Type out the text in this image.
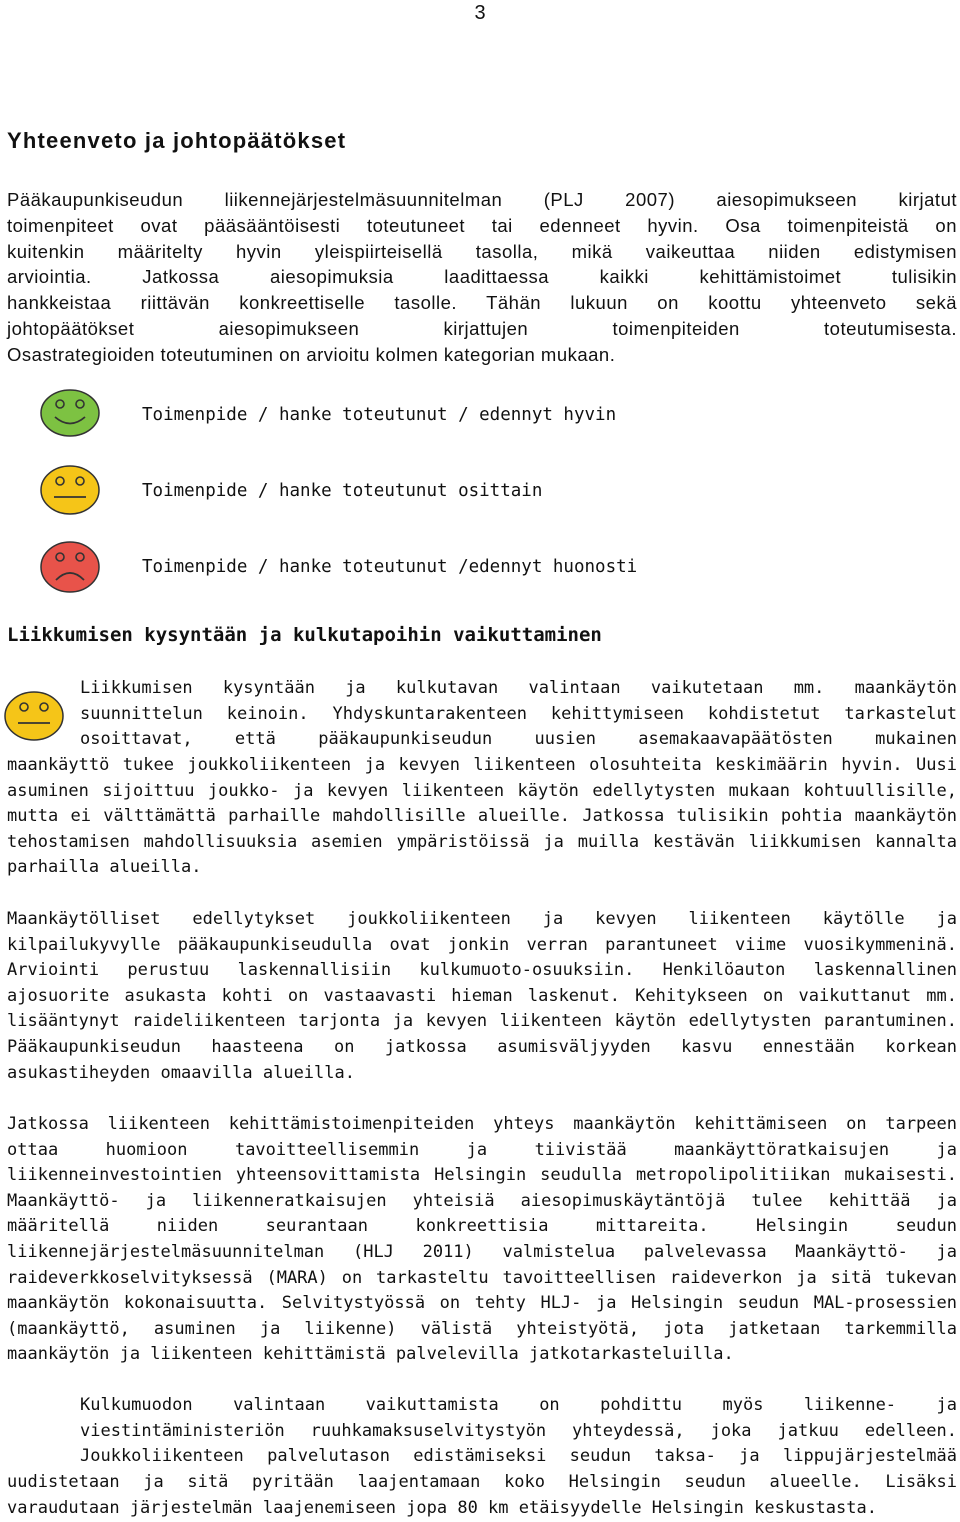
3
Yhteenveto ja johtopäätökset
Pääkaupunkiseudun liikennejärjestelmäsuunnitelman (PLJ 2007) aiesopimukseen kirjatut
toimenpiteet ovat pääsääntöisesti toteutuneet tai edenneet hyvin. Osa toimenpiteistä on
kuitenkin määritelty hyvin yleispiirteisellä tasolla, mikä vaikeuttaa niiden edistymisen
arviointia. Jatkossa aiesopimuksia laadittaessa kaikki kehittämistoimet tulisikin
hankkeistaa riittävän konkreettiselle tasolle. Tähän lukuun on koottu yhteenveto sekä
johtopäätökset aiesopimukseen kirjattujen toimenpiteiden toteutumisesta.
Osastrategioiden toteutuminen on arvioitu kolmen kategorian mukaan.
Toimenpide / hanke toteutunut / edennyt hyvin
Toimenpide / hanke toteutunut osittain
Toimenpide / hanke toteutunut /edennyt huonosti
Liikkumisen kysyntään ja kulkutapoihin vaikuttaminen
Liikkumisen kysyntään ja kulkutavan valintaan vaikutetaan mm. maankäytön
suunnittelun keinoin. Yhdyskuntarakenteen kehittymiseen kohdistetut tarkastelut
osoittavat, että pääkaupunkiseudun uusien asemakaavapäätösten mukainen
maankäyttö tukee joukkoliikenteen ja kevyen liikenteen olosuhteita keskimäärin hyvin. Uusi asuminen sijoittuu joukko- ja kevyen liikenteen käytön edellytysten mukaan kohtuullisille, mutta ei välttämättä parhaille mahdollisille alueille. Jatkossa tulisikin pohtia maankäytön tehostamisen mahdollisuuksia asemien ympäristöissä ja muilla kestävän liikkumisen kannalta parhailla alueilla.
Maankäytölliset edellytykset joukkoliikenteen ja kevyen liikenteen käytölle ja kilpailukyvylle pääkaupunkiseudulla ovat jonkin verran parantuneet viime vuosikymmeninä. Arviointi perustuu laskennallisiin kulkumuoto-osuuksiin. Henkilöauton laskennallinen ajosuorite asukasta kohti on vastaavasti hieman laskenut. Kehitykseen on vaikuttanut mm. lisääntynyt raideliikenteen tarjonta ja kevyen liikenteen käytön edellytysten parantuminen. Pääkaupunkiseudun haasteena on jatkossa asumisväljyyden kasvu ennestään korkean asukastiheyden omaavilla alueilla.
Jatkossa liikenteen kehittämistoimenpiteiden yhteys maankäytön kehittämiseen on tarpeen ottaa huomioon tavoitteellisemmin ja tiivistää maankäyttöratkaisujen ja liikenneinvestointien yhteensovittamista Helsingin seudulla metropolipolitiikan mukaisesti. Maankäyttö- ja liikenneratkaisujen yhteisiä aiesopimuskäytäntöjä tulee kehittää ja määritellä niiden seurantaan konkreettisia mittareita. Helsingin seudun liikennejärjestelmäsuunnitelman (HLJ 2011) valmistelua palvelevassa Maankäyttö- ja raideverkkoselvityksessä (MARA) on tarkasteltu tavoitteellisen raideverkon ja sitä tukevan maankäytön kokonaisuutta. Selvitystyössä on tehty HLJ- ja Helsingin seudun MAL-prosessien (maankäyttö, asuminen ja liikenne) välistä yhteistyötä, jota jatketaan tarkemmilla maankäytön ja liikenteen kehittämistä palvelevilla jatkotarkasteluilla.
Kulkumuodon valintaan vaikuttamista on pohdittu myös liikenne- ja
viestintäministeriön ruuhkamaksuselvitystyön yhteydessä, joka jatkuu edelleen.
Joukkoliikenteen palvelutason edistämiseksi seudun taksa- ja lippujärjestelmää
uudistetaan ja sitä pyritään laajentamaan koko Helsingin seudun alueelle. Lisäksi varaudutaan järjestelmän laajenemiseen jopa 80 km etäisyydelle Helsingin keskustasta.
